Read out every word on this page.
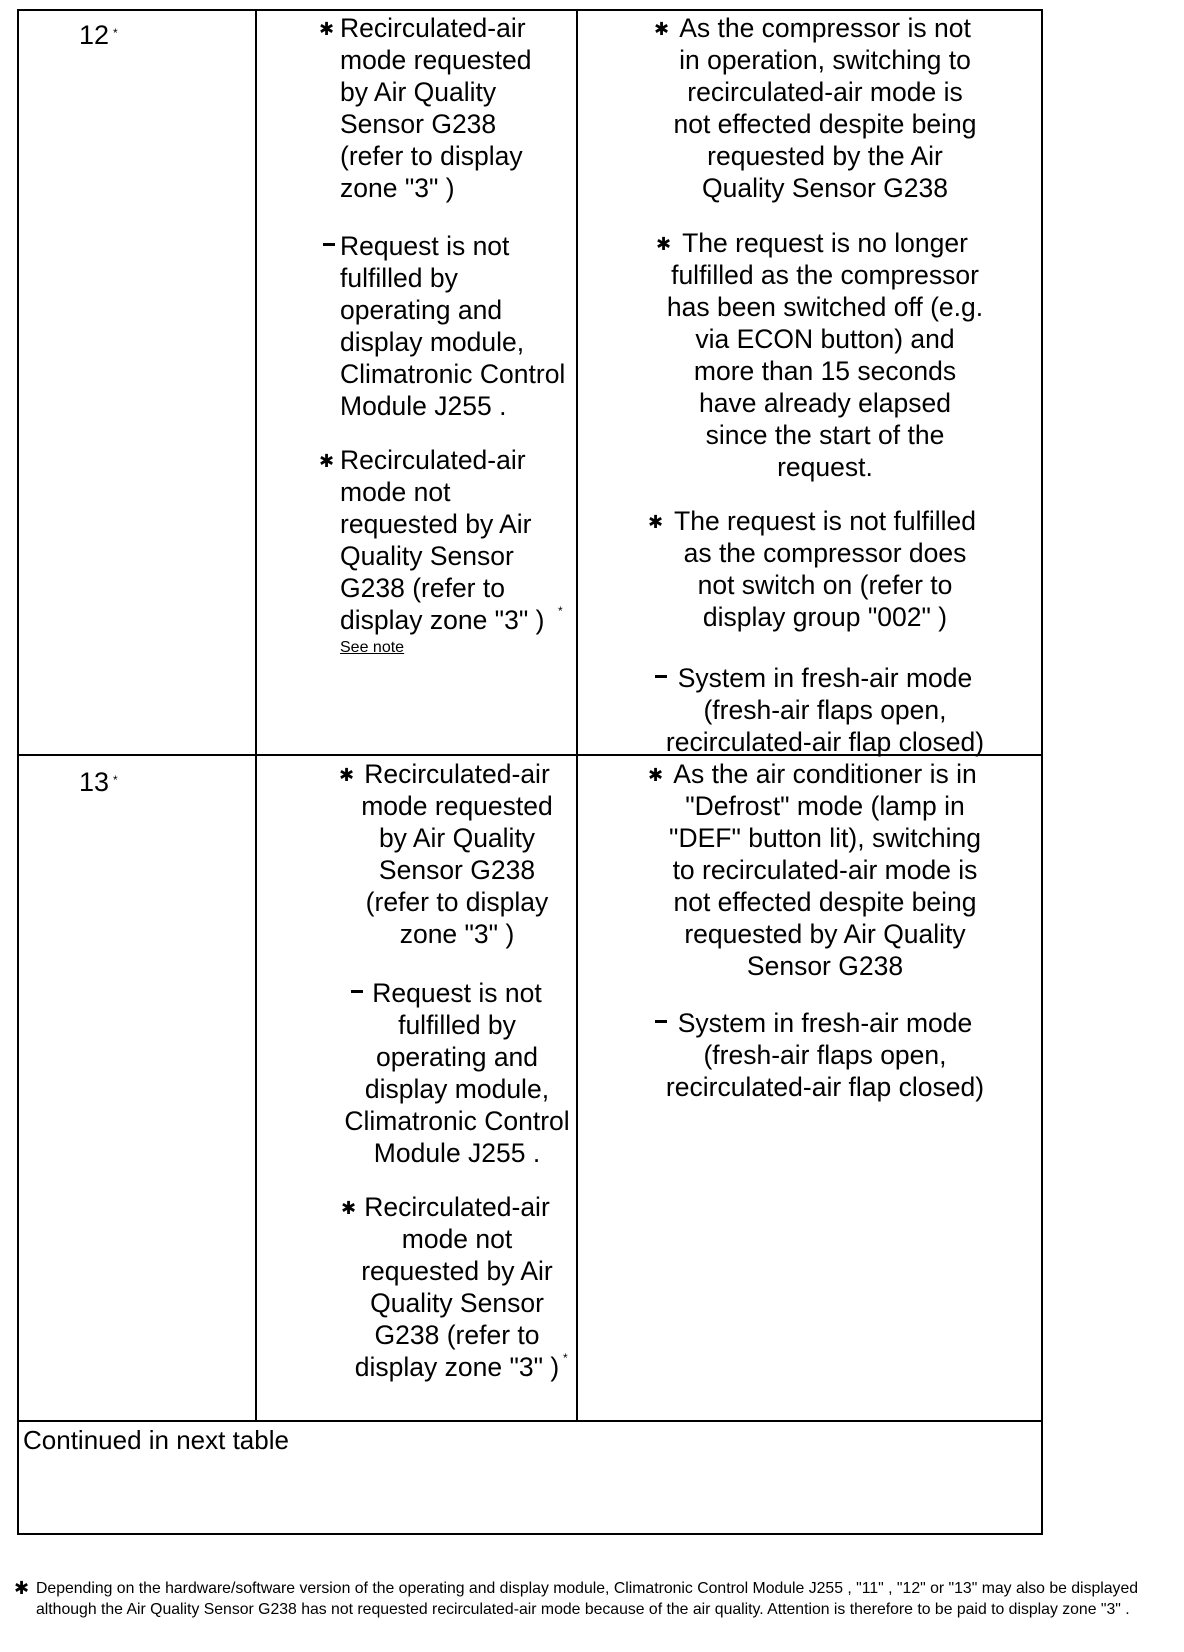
12 *	✱ Recirculated-air
mode requested
by Air Quality
Sensor G238
(refer to display
zone "3" )
Request is not
fulfilled by
operating and
display module,
Climatronic Control
Module J255 .
✱ Recirculated-air
mode not
requested by Air
Quality Sensor
G238 (refer to
display zone "3" ) *
See note
✱ As the compressor is not
in operation, switching to
recirculated-air mode is
not effected despite being
requested by the Air
Quality Sensor G238
✱ The request is no longer
fulfilled as the compressor
has been switched off (e.g.
via ECON button) and
more than 15 seconds
have already elapsed
since the start of the
request.
✱ The request is not fulfilled
as the compressor does
not switch on (refer to
display group "002" )
System in fresh-air mode
(fresh-air flaps open,
recirculated-air flap closed)
13 *	✱ Recirculated-air
mode requested
by Air Quality
Sensor G238
(refer to display
zone "3" )
Request is not
fulfilled by
operating and
display module,
Climatronic Control
Module J255 .
✱ Recirculated-air
mode not
requested by Air
Quality Sensor
G238 (refer to
display zone "3" ) *
✱ As the air conditioner is in
"Defrost" mode (lamp in
"DEF" button lit), switching
to recirculated-air mode is
not effected despite being
requested by Air Quality
Sensor G238
System in fresh-air mode
(fresh-air flaps open,
recirculated-air flap closed)
Continued in next table
✱ Depending on the hardware/software version of the operating and display module, Climatronic Control Module J255 , "11" , "12" or "13" may also be displayed although the Air Quality Sensor G238 has not requested recirculated-air mode because of the air quality. Attention is therefore to be paid to display zone "3" .
